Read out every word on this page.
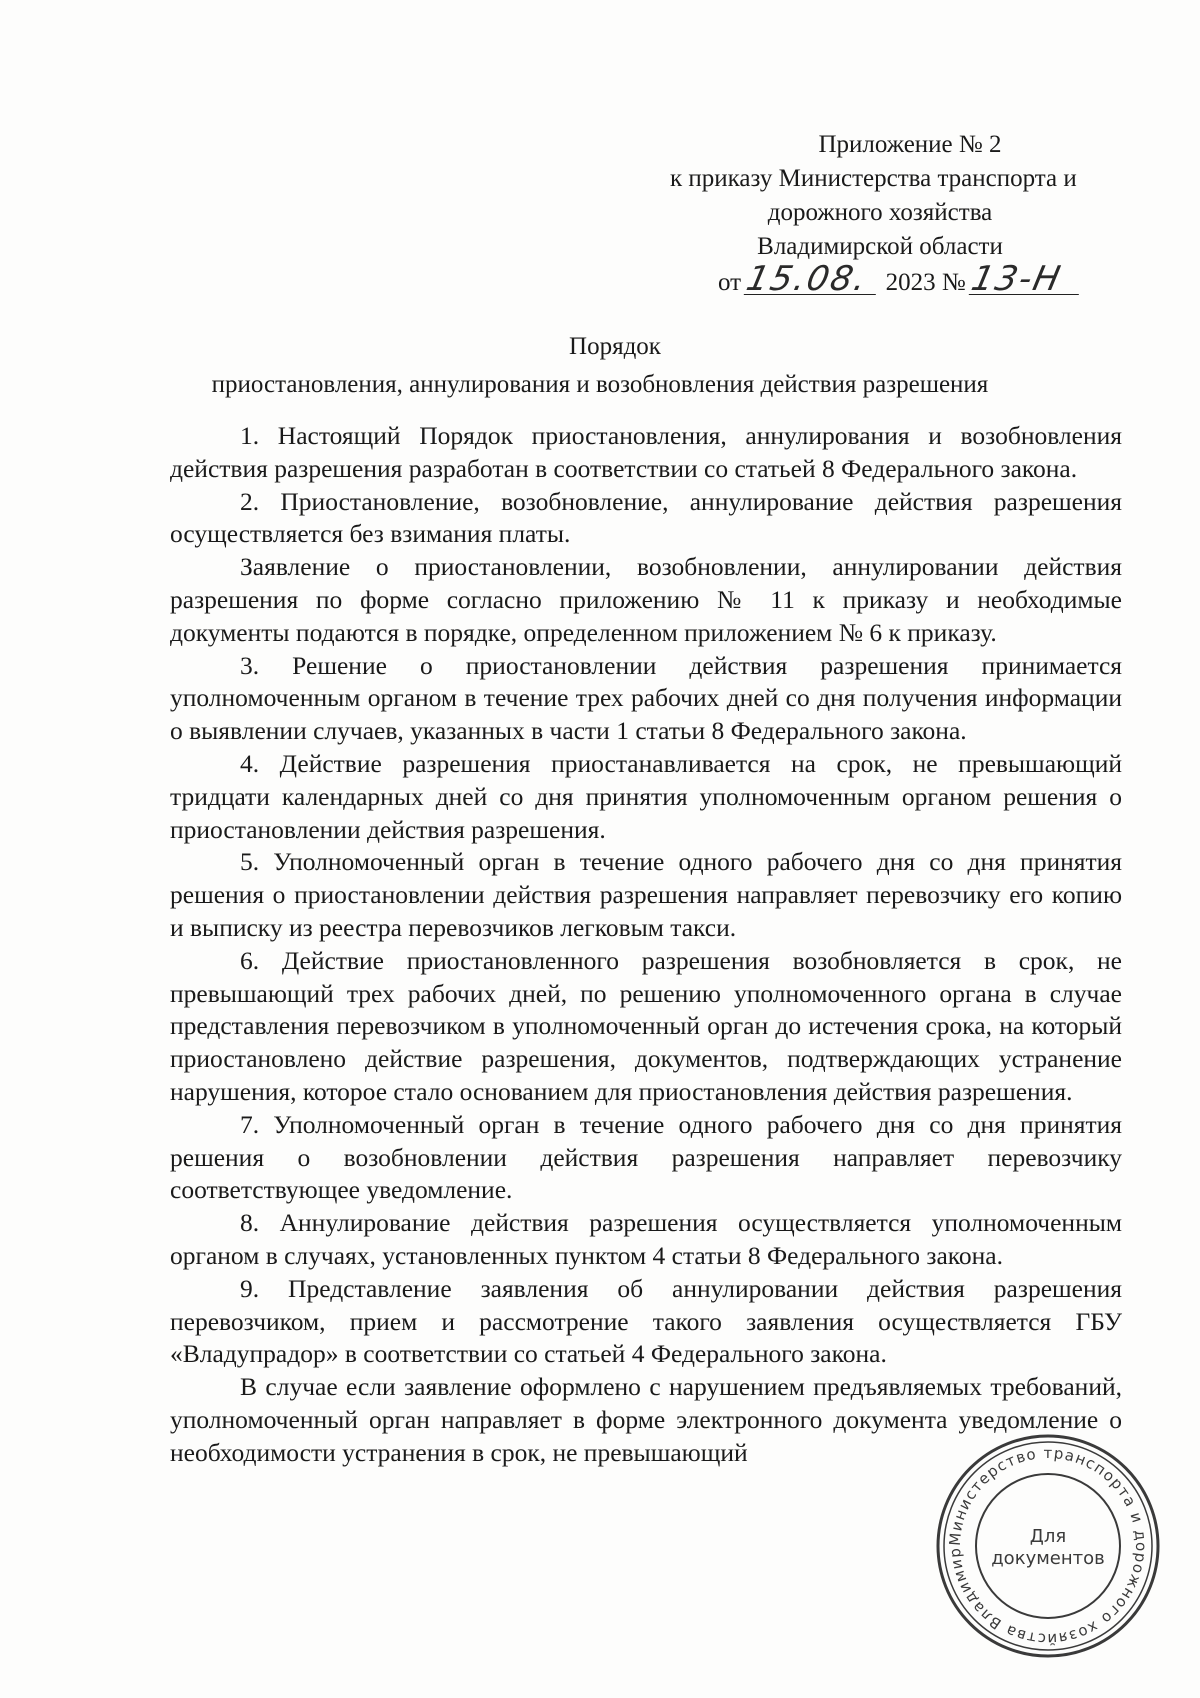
Приложение № 2
к приказу Министерства транспорта и
дорожного хозяйства
Владимирской области
от 15.08. 2023 № 13-Н
Порядок
приостановления, аннулирования и возобновления действия разрешения

1. Настоящий Порядок приостановления, аннулирования и возобновления действия разрешения разработан в соответствии со статьей 8 Федерального закона.

2. Приостановление, возобновление, аннулирование действия разрешения осуществляется без взимания платы.

Заявление о приостановлении, возобновлении, аннулировании действия разрешения по форме согласно приложению № 11 к приказу и необходимые документы подаются в порядке, определенном приложением № 6 к приказу.

3. Решение о приостановлении действия разрешения принимается уполномоченным органом в течение трех рабочих дней со дня получения информации о выявлении случаев, указанных в части 1 статьи 8 Федерального закона.

4. Действие разрешения приостанавливается на срок, не превышающий тридцати календарных дней со дня принятия уполномоченным органом решения о приостановлении действия разрешения.

5. Уполномоченный орган в течение одного рабочего дня со дня принятия решения о приостановлении действия разрешения направляет перевозчику его копию и выписку из реестра перевозчиков легковым такси.

6. Действие приостановленного разрешения возобновляется в срок, не превышающий трех рабочих дней, по решению уполномоченного органа в случае представления перевозчиком в уполномоченный орган до истечения срока, на который приостановлено действие разрешения, документов, подтверждающих устранение нарушения, которое стало основанием для приостановления действия разрешения.

7. Уполномоченный орган в течение одного рабочего дня со дня принятия решения о возобновлении действия разрешения направляет перевозчику соответствующее уведомление.

8. Аннулирование действия разрешения осуществляется уполномоченным органом в случаях, установленных пунктом 4 статьи 8 Федерального закона.

9. Представление заявления об аннулировании действия разрешения перевозчиком, прием и рассмотрение такого заявления осуществляется ГБУ «Владупрадор» в соответствии со статьей 4 Федерального закона.

В случае если заявление оформлено с нарушением предъявляемых требований, уполномоченный орган направляет в форме электронного документа уведомление о необходимости устранения в срок, не превышающий

Министерство транспорта и дорожного хозяйства Владимир
Для
документов
